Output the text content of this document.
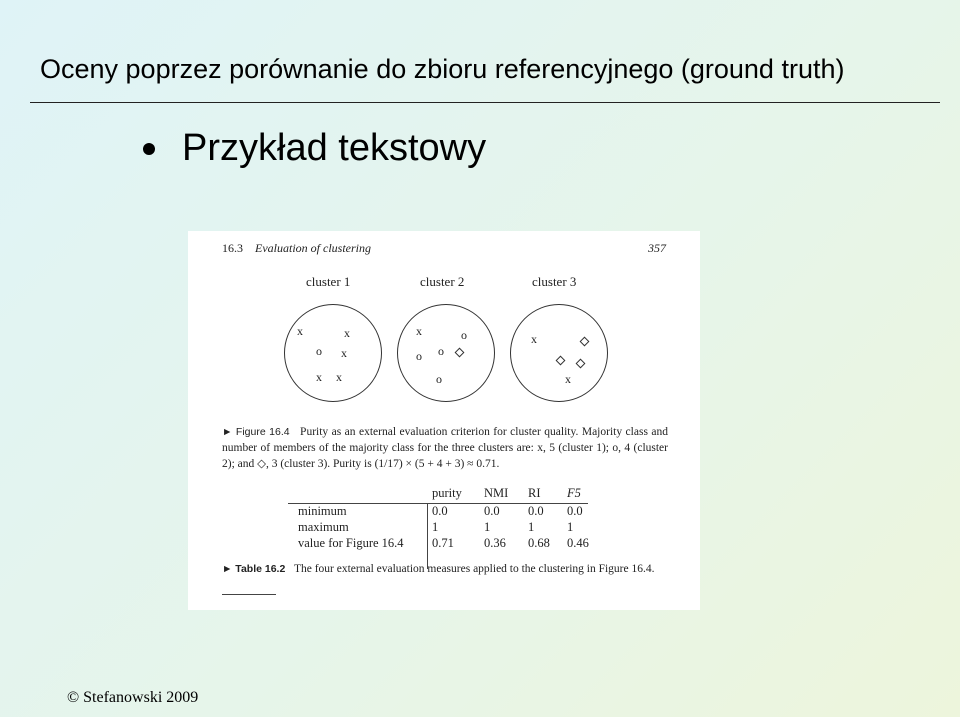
Oceny poprzez porównanie do zbioru referencyjnego (ground truth)
Przykład tekstowy
16.3 Evaluation of clustering	357
cluster 1	cluster 2	cluster 3
x	x
o x
x x
x	o
o
o
o
x
x
► Figure 16.4 Purity as an external evaluation criterion for cluster quality. Majority class and number of members of the majority class for the three clusters are: x, 5 (cluster 1); o, 4 (cluster 2); and ◇, 3 (cluster 3). Purity is (1/17) × (5 + 4 + 3) ≈ 0.71.
purity NMI RI F5
minimum	0.0	0.0 0.0 0.0
maximum	1	1	1	1
value for Figure 16.4 0.71 0.36 0.68 0.46
► Table 16.2 The four external evaluation measures applied to the clustering in Figure 16.4.
© Stefanowski 2009
